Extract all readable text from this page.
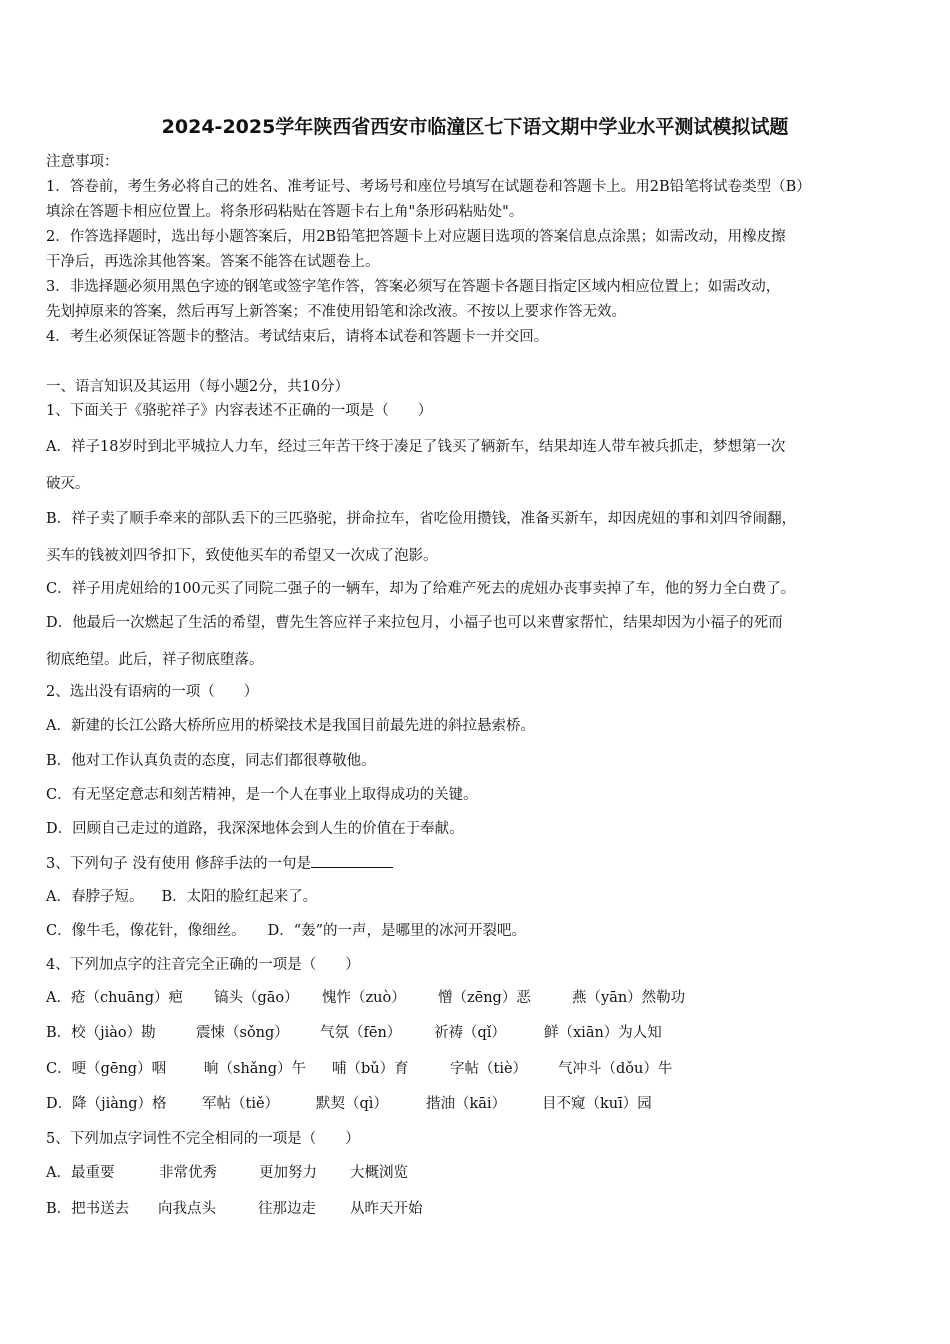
2024-2025学年陕西省西安市临潼区七下语文期中学业水平测试模拟试题
注意事项：
1．答卷前，考生务必将自己的姓名、准考证号、考场号和座位号填写在试题卷和答题卡上。用2B铅笔将试卷类型（B）
填涂在答题卡相应位置上。将条形码粘贴在答题卡右上角"条形码粘贴处"。
2．作答选择题时，选出每小题答案后，用2B铅笔把答题卡上对应题目选项的答案信息点涂黑；如需改动，用橡皮擦
干净后，再选涂其他答案。答案不能答在试题卷上。
3．非选择题必须用黑色字迹的钢笔或签字笔作答，答案必须写在答题卡各题目指定区域内相应位置上；如需改动，
先划掉原来的答案，然后再写上新答案；不准使用铅笔和涂改液。不按以上要求作答无效。
4．考生必须保证答题卡的整洁。考试结束后，请将本试卷和答题卡一并交回。
一、语言知识及其运用（每小题2分，共10分）
1、下面关于《骆驼祥子》内容表述不正确的一项是（　　）
A．祥子18岁时到北平城拉人力车，经过三年苦干终于凑足了钱买了辆新车，结果却连人带车被兵抓走，梦想第一次
破灭。
B．祥子卖了顺手牵来的部队丢下的三匹骆驼，拼命拉车，省吃俭用攒钱，准备买新车，却因虎妞的事和刘四爷闹翻，
买车的钱被刘四爷扣下，致使他买车的希望又一次成了泡影。
C．祥子用虎妞给的100元买了同院二强子的一辆车，却为了给难产死去的虎妞办丧事卖掉了车，他的努力全白费了。
D．他最后一次燃起了生活的希望，曹先生答应祥子来拉包月，小福子也可以来曹家帮忙，结果却因为小福子的死而
彻底绝望。此后，祥子彻底堕落。
2、选出没有语病的一项（　　）
A．新建的长江公路大桥所应用的桥梁技术是我国目前最先进的斜拉悬索桥。
B．他对工作认真负责的态度，同志们都很尊敬他。
C．有无坚定意志和刻苦精神，是一个人在事业上取得成功的关键。
D．回顾自己走过的道路，我深深地体会到人生的价值在于奉献。
3、下列句子 没有使用 修辞手法的一句是
A．春脖子短。 B．太阳的脸红起来了。
C．像牛毛，像花针，像细丝。 D．“轰”的一声，是哪里的冰河开裂吧。
4、下列加点字的注音完全正确的一项是（　　）
A．疮（chuāng）疤	镐头（gāo）	愧怍（zuò）	憎（zēng）恶	燕（yān）然勒功
B．校（jiào）勘	震悚（sǒng）	气氛（fēn）	祈祷（qǐ）	鲜（xiān）为人知
C．哽（gēng）咽	晌（shǎng）午	哺（bǔ）育	字帖（tiè）	气冲斗（dǒu）牛
D．降（jiàng）格	军帖（tiě）	默契（qì）	揩油（kāi）	目不窥（kuī）园
5、下列加点字词性不完全相同的一项是（　　）
A．最重要	非常优秀	更加努力	大概浏览
B．把书送去	向我点头	往那边走	从昨天开始
